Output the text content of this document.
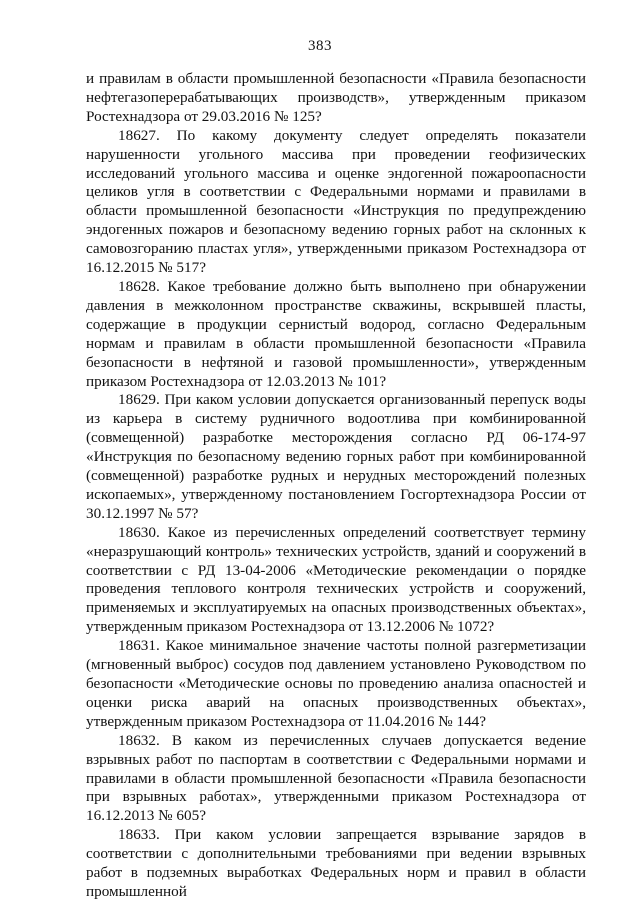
383

и правилам в области промышленной безопасности «Правила безопасности нефтегазоперерабатывающих производств», утвержденным приказом Ростехнадзора от 29.03.2016 № 125?

18627. По какому документу следует определять показатели нарушенности угольного массива при проведении геофизических исследований угольного массива и оценке эндогенной пожароопасности целиков угля в соответствии с Федеральными нормами и правилами в области промышленной безопасности «Инструкция по предупреждению эндогенных пожаров и безопасному ведению горных работ на склонных к самовозгоранию пластах угля», утвержденными приказом Ростехнадзора от 16.12.2015 № 517?

18628. Какое требование должно быть выполнено при обнаружении давления в межколонном пространстве скважины, вскрывшей пласты, содержащие в продукции сернистый водород, согласно Федеральным нормам и правилам в области промышленной безопасности «Правила безопасности в нефтяной и газовой промышленности», утвержденным приказом Ростехнадзора от 12.03.2013 № 101?

18629. При каком условии допускается организованный перепуск воды из карьера в систему рудничного водоотлива при комбинированной (совмещенной) разработке месторождения согласно РД 06-174-97 «Инструкция по безопасному ведению горных работ при комбинированной (совмещенной) разработке рудных и нерудных месторождений полезных ископаемых», утвержденному постановлением Госгортехнадзора России от 30.12.1997 № 57?

18630. Какое из перечисленных определений соответствует термину «неразрушающий контроль» технических устройств, зданий и сооружений в соответствии с РД 13-04-2006 «Методические рекомендации о порядке проведения теплового контроля технических устройств и сооружений, применяемых и эксплуатируемых на опасных производственных объектах», утвержденным приказом Ростехнадзора от 13.12.2006 № 1072?

18631. Какое минимальное значение частоты полной разгерметизации (мгновенный выброс) сосудов под давлением установлено Руководством по безопасности «Методические основы по проведению анализа опасностей и оценки риска аварий на опасных производственных объектах», утвержденным приказом Ростехнадзора от 11.04.2016 № 144?

18632. В каком из перечисленных случаев допускается ведение взрывных работ по паспортам в соответствии с Федеральными нормами и правилами в области промышленной безопасности «Правила безопасности при взрывных работах», утвержденными приказом Ростехнадзора от 16.12.2013 № 605?

18633. При каком условии запрещается взрывание зарядов в соответствии с дополнительными требованиями при ведении взрывных работ в подземных выработках Федеральных норм и правил в области промышленной
